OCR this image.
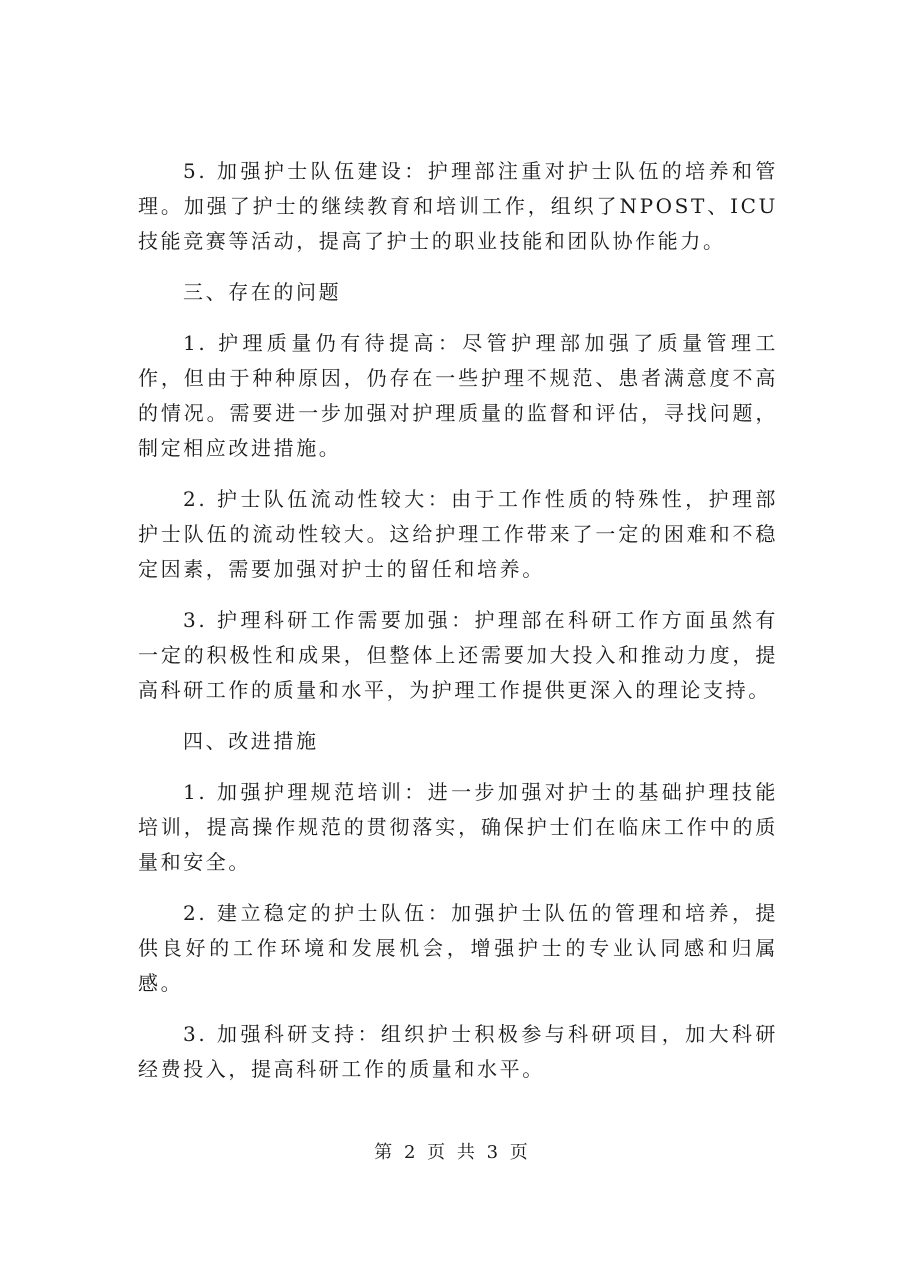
5. 加强护士队伍建设：护理部注重对护士队伍的培养和管理。加强了护士的继续教育和培训工作，组织了NPOST、ICU技能竞赛等活动，提高了护士的职业技能和团队协作能力。

三、存在的问题

1. 护理质量仍有待提高：尽管护理部加强了质量管理工作，但由于种种原因，仍存在一些护理不规范、患者满意度不高的情况。需要进一步加强对护理质量的监督和评估，寻找问题，制定相应改进措施。

2. 护士队伍流动性较大：由于工作性质的特殊性，护理部护士队伍的流动性较大。这给护理工作带来了一定的困难和不稳定因素，需要加强对护士的留任和培养。

3. 护理科研工作需要加强：护理部在科研工作方面虽然有一定的积极性和成果，但整体上还需要加大投入和推动力度，提高科研工作的质量和水平，为护理工作提供更深入的理论支持。

四、改进措施

1. 加强护理规范培训：进一步加强对护士的基础护理技能培训，提高操作规范的贯彻落实，确保护士们在临床工作中的质量和安全。

2. 建立稳定的护士队伍：加强护士队伍的管理和培养，提供良好的工作环境和发展机会，增强护士的专业认同感和归属感。

3. 加强科研支持：组织护士积极参与科研项目，加大科研经费投入，提高科研工作的质量和水平。

第 2 页 共 3 页
